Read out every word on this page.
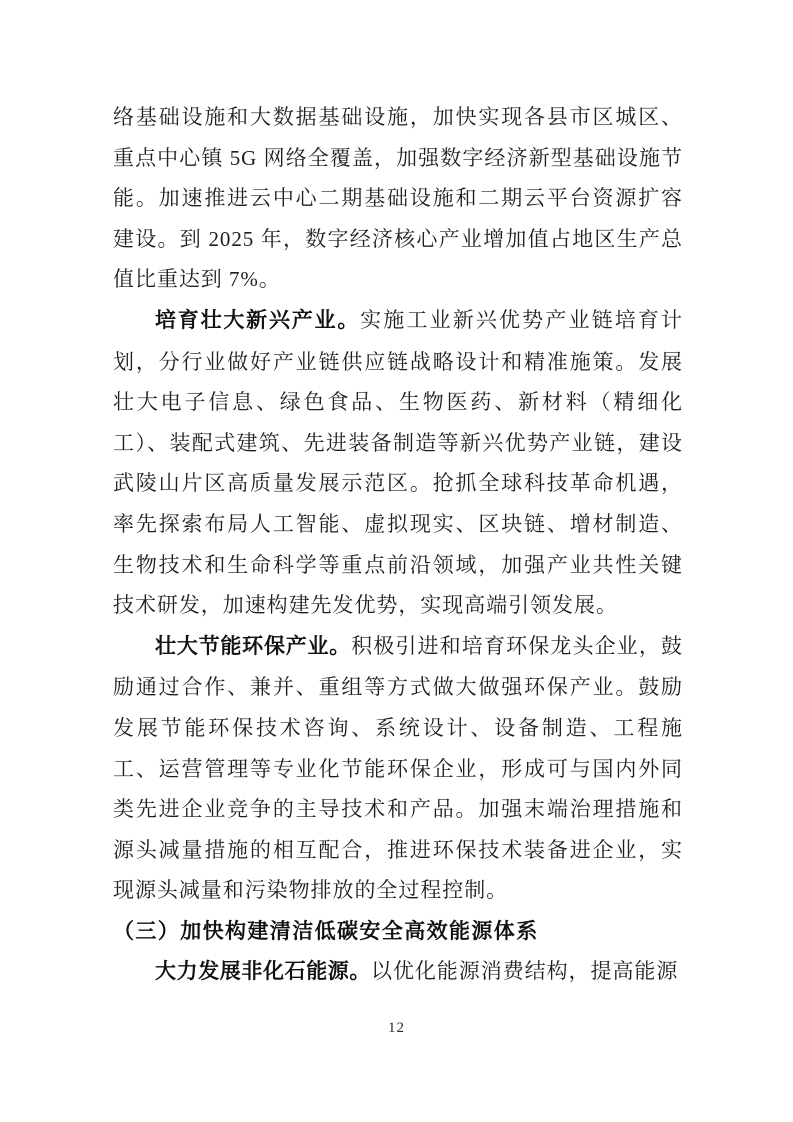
络基础设施和大数据基础设施，加快实现各县市区城区、重点中心镇 5G 网络全覆盖，加强数字经济新型基础设施节能。加速推进云中心二期基础设施和二期云平台资源扩容建设。到 2025 年，数字经济核心产业增加值占地区生产总值比重达到 7%。

培育壮大新兴产业。实施工业新兴优势产业链培育计划，分行业做好产业链供应链战略设计和精准施策。发展壮大电子信息、绿色食品、生物医药、新材料（精细化工）、装配式建筑、先进装备制造等新兴优势产业链，建设武陵山片区高质量发展示范区。抢抓全球科技革命机遇，率先探索布局人工智能、虚拟现实、区块链、增材制造、生物技术和生命科学等重点前沿领域，加强产业共性关键技术研发，加速构建先发优势，实现高端引领发展。

壮大节能环保产业。积极引进和培育环保龙头企业，鼓励通过合作、兼并、重组等方式做大做强环保产业。鼓励发展节能环保技术咨询、系统设计、设备制造、工程施工、运营管理等专业化节能环保企业，形成可与国内外同类先进企业竞争的主导技术和产品。加强末端治理措施和源头减量措施的相互配合，推进环保技术装备进企业，实现源头减量和污染物排放的全过程控制。

（三）加快构建清洁低碳安全高效能源体系

大力发展非化石能源。以优化能源消费结构，提高能源

12
